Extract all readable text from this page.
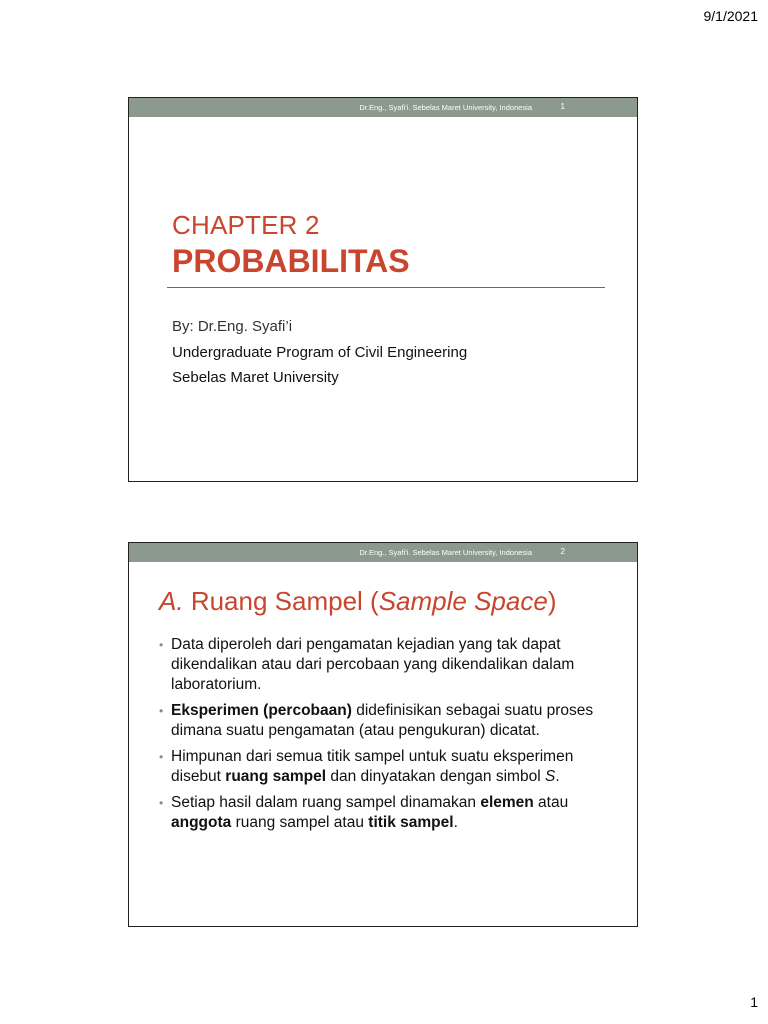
9/1/2021
Dr.Eng., Syafi'i. Sebelas Maret University, Indonesia	1
CHAPTER 2
PROBABILITAS
By: Dr.Eng. Syafi’i
Undergraduate Program of Civil Engineering
Sebelas Maret University
Dr.Eng., Syafi'i. Sebelas Maret University, Indonesia	2
A. Ruang Sampel (Sample Space)
• Data diperoleh dari pengamatan kejadian yang tak dapat dikendalikan atau dari percobaan yang dikendalikan dalam laboratorium.
• Eksperimen (percobaan) didefinisikan sebagai suatu proses dimana suatu pengamatan (atau pengukuran) dicatat.
• Himpunan dari semua titik sampel untuk suatu eksperimen disebut ruang sampel dan dinyatakan dengan simbol S.
• Setiap hasil dalam ruang sampel dinamakan elemen atau anggota ruang sampel atau titik sampel.
1
